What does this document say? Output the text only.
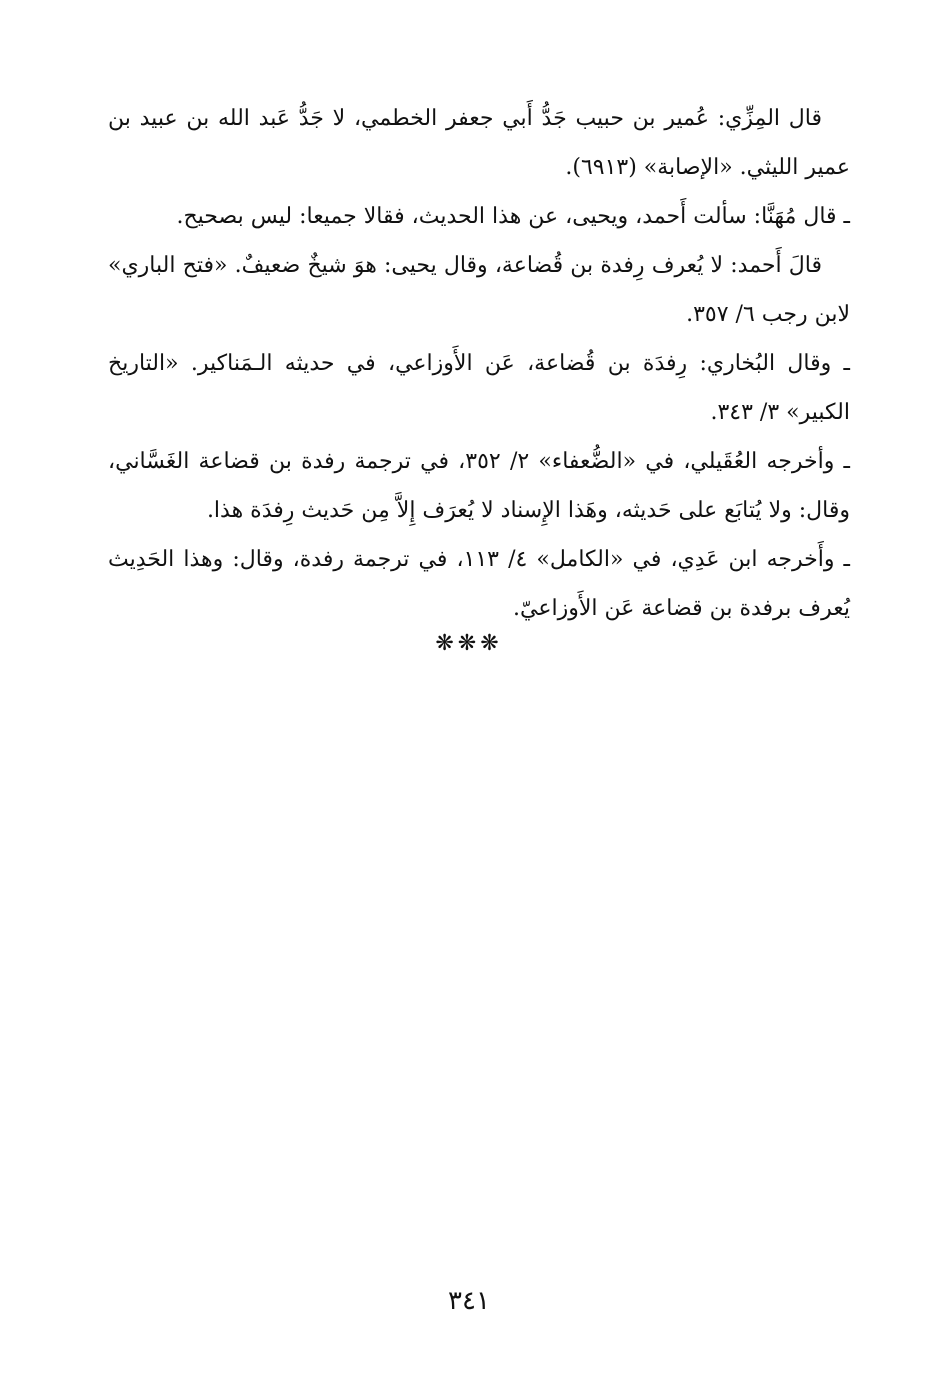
قال المِزِّي: عُمير بن حبيب جَدُّ أَبي جعفر الخطمي، لا جَدُّ عَبد الله بن عبيد بن عمير الليثي. «الإصابة» (٦٩١٣).

ـ قال مُهَنَّا: سألت أَحمد، ويحيى، عن هذا الحديث، فقالا جميعا: ليس بصحيح.

قالَ أَحمد: لا يُعرف رِفدة بن قُضاعة، وقال يحيى: هوَ شيخٌ ضعيفٌ. «فتح الباري» لابن رجب ٦/ ٣٥٧.

ـ وقال البُخاري: رِفدَة بن قُضاعة، عَن الأَوزاعي، في حديثه الـمَناكير. «التاريخ الكبير» ٣/ ٣٤٣.

ـ وأخرجه العُقَيلي، في «الضُّعفاء» ٢/ ٣٥٢، في ترجمة رفدة بن قضاعة الغَسَّاني، وقال: ولا يُتابَع على حَديثه، وهَذا الإِسناد لا يُعرَف إِلاَّ مِن حَديث رِفدَة هذا.

ـ وأَخرجه ابن عَدِي، في «الكامل» ٤/ ١١٣، في ترجمة رفدة، وقال: وهذا الحَدِيث يُعرف برفدة بن قضاعة عَن الأَوزاعيّ.

❋❋❋
٣٤١
